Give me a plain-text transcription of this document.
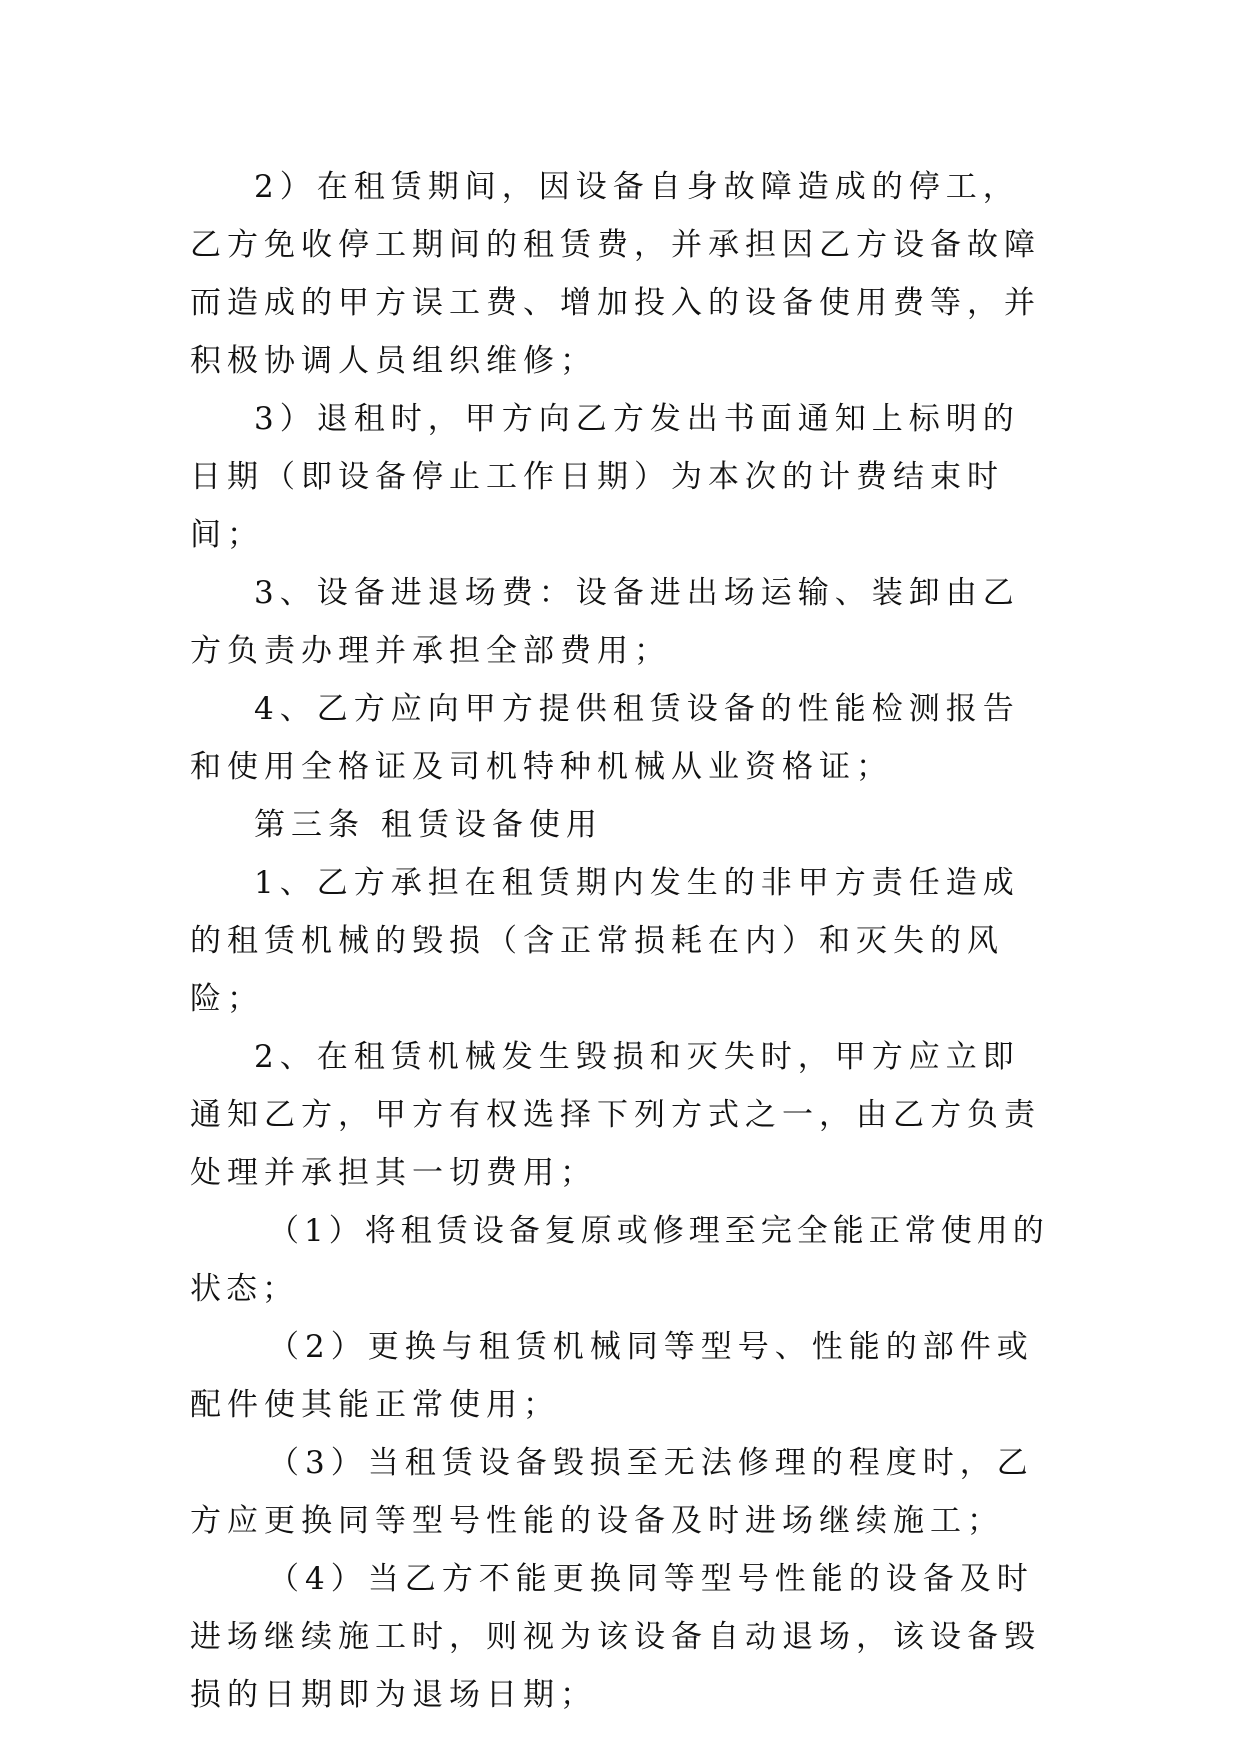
2）在租赁期间，因设备自身故障造成的停工，乙方免收停工期间的租赁费，并承担因乙方设备故障而造成的甲方误工费、增加投入的设备使用费等，并积极协调人员组织维修；

3）退租时，甲方向乙方发出书面通知上标明的日期（即设备停止工作日期）为本次的计费结束时间；

3、设备进退场费：设备进出场运输、装卸由乙方负责办理并承担全部费用；

4、乙方应向甲方提供租赁设备的性能检测报告和使用全格证及司机特种机械从业资格证；

第三条 租赁设备使用

1、乙方承担在租赁期内发生的非甲方责任造成的租赁机械的毁损（含正常损耗在内）和灭失的风险；

2、在租赁机械发生毁损和灭失时，甲方应立即通知乙方，甲方有权选择下列方式之一，由乙方负责处理并承担其一切费用；

（1）将租赁设备复原或修理至完全能正常使用的状态；

（2）更换与租赁机械同等型号、性能的部件或配件使其能正常使用；

（3）当租赁设备毁损至无法修理的程度时，乙方应更换同等型号性能的设备及时进场继续施工；

（4）当乙方不能更换同等型号性能的设备及时进场继续施工时，则视为该设备自动退场，该设备毁损的日期即为退场日期；
